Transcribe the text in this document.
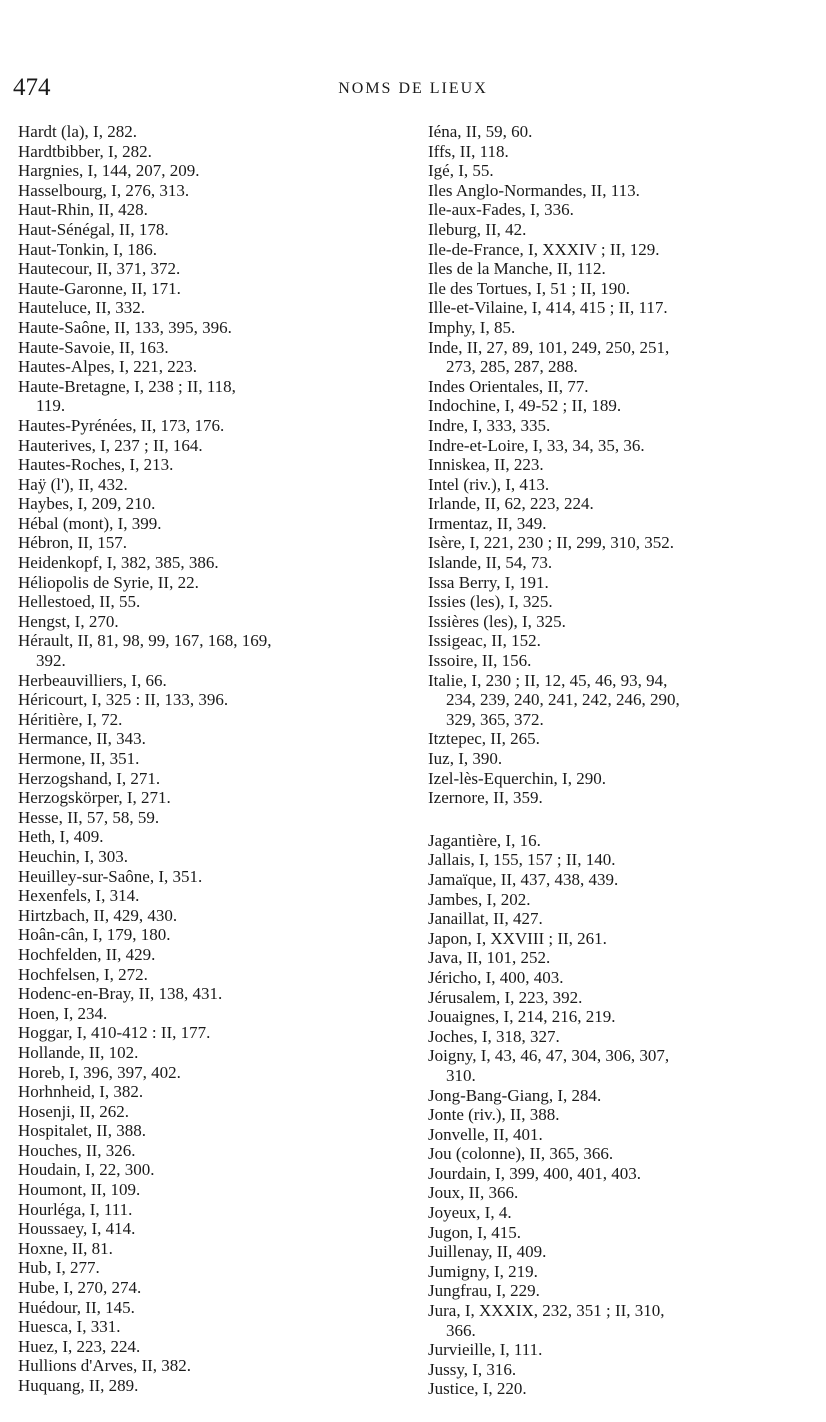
474	NOMS DE LIEUX

Hardt (la), I, 282.

Hardtbibber, I, 282.

Hargnies, I, 144, 207, 209.

Hasselbourg, I, 276, 313.

Haut-Rhin, II, 428.

Haut-Sénégal, II, 178.

Haut-Tonkin, I, 186.

Hautecour, II, 371, 372.

Haute-Garonne, II, 171.

Hauteluce, II, 332.

Haute-Saône, II, 133, 395, 396.

Haute-Savoie, II, 163.

Hautes-Alpes, I, 221, 223.

Haute-Bretagne, I, 238 ; II, 118,
119.

Hautes-Pyrénées, II, 173, 176.

Hauterives, I, 237 ; II, 164.

Hautes-Roches, I, 213.

Haÿ (l'), II, 432.

Haybes, I, 209, 210.

Hébal (mont), I, 399.

Hébron, II, 157.

Heidenkopf, I, 382, 385, 386.

Héliopolis de Syrie, II, 22.

Hellestoed, II, 55.

Hengst, I, 270.

Hérault, II, 81, 98, 99, 167, 168, 169,
392.

Herbeauvilliers, I, 66.

Héricourt, I, 325 : II, 133, 396.

Héritière, I, 72.

Hermance, II, 343.

Hermone, II, 351.

Herzogshand, I, 271.

Herzogskörper, I, 271.

Hesse, II, 57, 58, 59.

Heth, I, 409.

Heuchin, I, 303.

Heuilley-sur-Saône, I, 351.

Hexenfels, I, 314.

Hirtzbach, II, 429, 430.

Hoân-cân, I, 179, 180.

Hochfelden, II, 429.

Hochfelsen, I, 272.

Hodenc-en-Bray, II, 138, 431.

Hoen, I, 234.

Hoggar, I, 410-412 : II, 177.

Hollande, II, 102.

Horeb, I, 396, 397, 402.

Horhnheid, I, 382.

Hosenji, II, 262.

Hospitalet, II, 388.

Houches, II, 326.

Houdain, I, 22, 300.

Houmont, II, 109.

Hourléga, I, 111.

Houssaey, I, 414.

Hoxne, II, 81.

Hub, I, 277.

Hube, I, 270, 274.

Huédour, II, 145.

Huesca, I, 331.

Huez, I, 223, 224.

Hullions d'Arves, II, 382.

Huquang, II, 289.

Iéna, II, 59, 60.

Iffs, II, 118.

Igé, I, 55.

Iles Anglo-Normandes, II, 113.

Ile-aux-Fades, I, 336.

Ileburg, II, 42.

Ile-de-France, I, XXXIV ; II, 129.

Iles de la Manche, II, 112.

Ile des Tortues, I, 51 ; II, 190.

Ille-et-Vilaine, I, 414, 415 ; II, 117.

Imphy, I, 85.

Inde, II, 27, 89, 101, 249, 250, 251,
273, 285, 287, 288.

Indes Orientales, II, 77.

Indochine, I, 49-52 ; II, 189.

Indre, I, 333, 335.

Indre-et-Loire, I, 33, 34, 35, 36.

Inniskea, II, 223.

Intel (riv.), I, 413.

Irlande, II, 62, 223, 224.

Irmentaz, II, 349.

Isère, I, 221, 230 ; II, 299, 310, 352.

Islande, II, 54, 73.

Issa Berry, I, 191.

Issies (les), I, 325.

Issières (les), I, 325.

Issigeac, II, 152.

Issoire, II, 156.

Italie, I, 230 ; II, 12, 45, 46, 93, 94,
234, 239, 240, 241, 242, 246, 290,
329, 365, 372.

Itztepec, II, 265.

Iuz, I, 390.

Izel-lès-Equerchin, I, 290.

Izernore, II, 359.

Jagantière, I, 16.

Jallais, I, 155, 157 ; II, 140.

Jamaïque, II, 437, 438, 439.

Jambes, I, 202.

Janaillat, II, 427.

Japon, I, XXVIII ; II, 261.

Java, II, 101, 252.

Jéricho, I, 400, 403.

Jérusalem, I, 223, 392.

Jouaignes, I, 214, 216, 219.

Joches, I, 318, 327.

Joigny, I, 43, 46, 47, 304, 306, 307,
310.

Jong-Bang-Giang, I, 284.

Jonte (riv.), II, 388.

Jonvelle, II, 401.

Jou (colonne), II, 365, 366.

Jourdain, I, 399, 400, 401, 403.

Joux, II, 366.

Joyeux, I, 4.

Jugon, I, 415.

Juillenay, II, 409.

Jumigny, I, 219.

Jungfrau, I, 229.

Jura, I, XXXIX, 232, 351 ; II, 310,
366.

Jurvieille, I, 111.

Jussy, I, 316.

Justice, I, 220.
